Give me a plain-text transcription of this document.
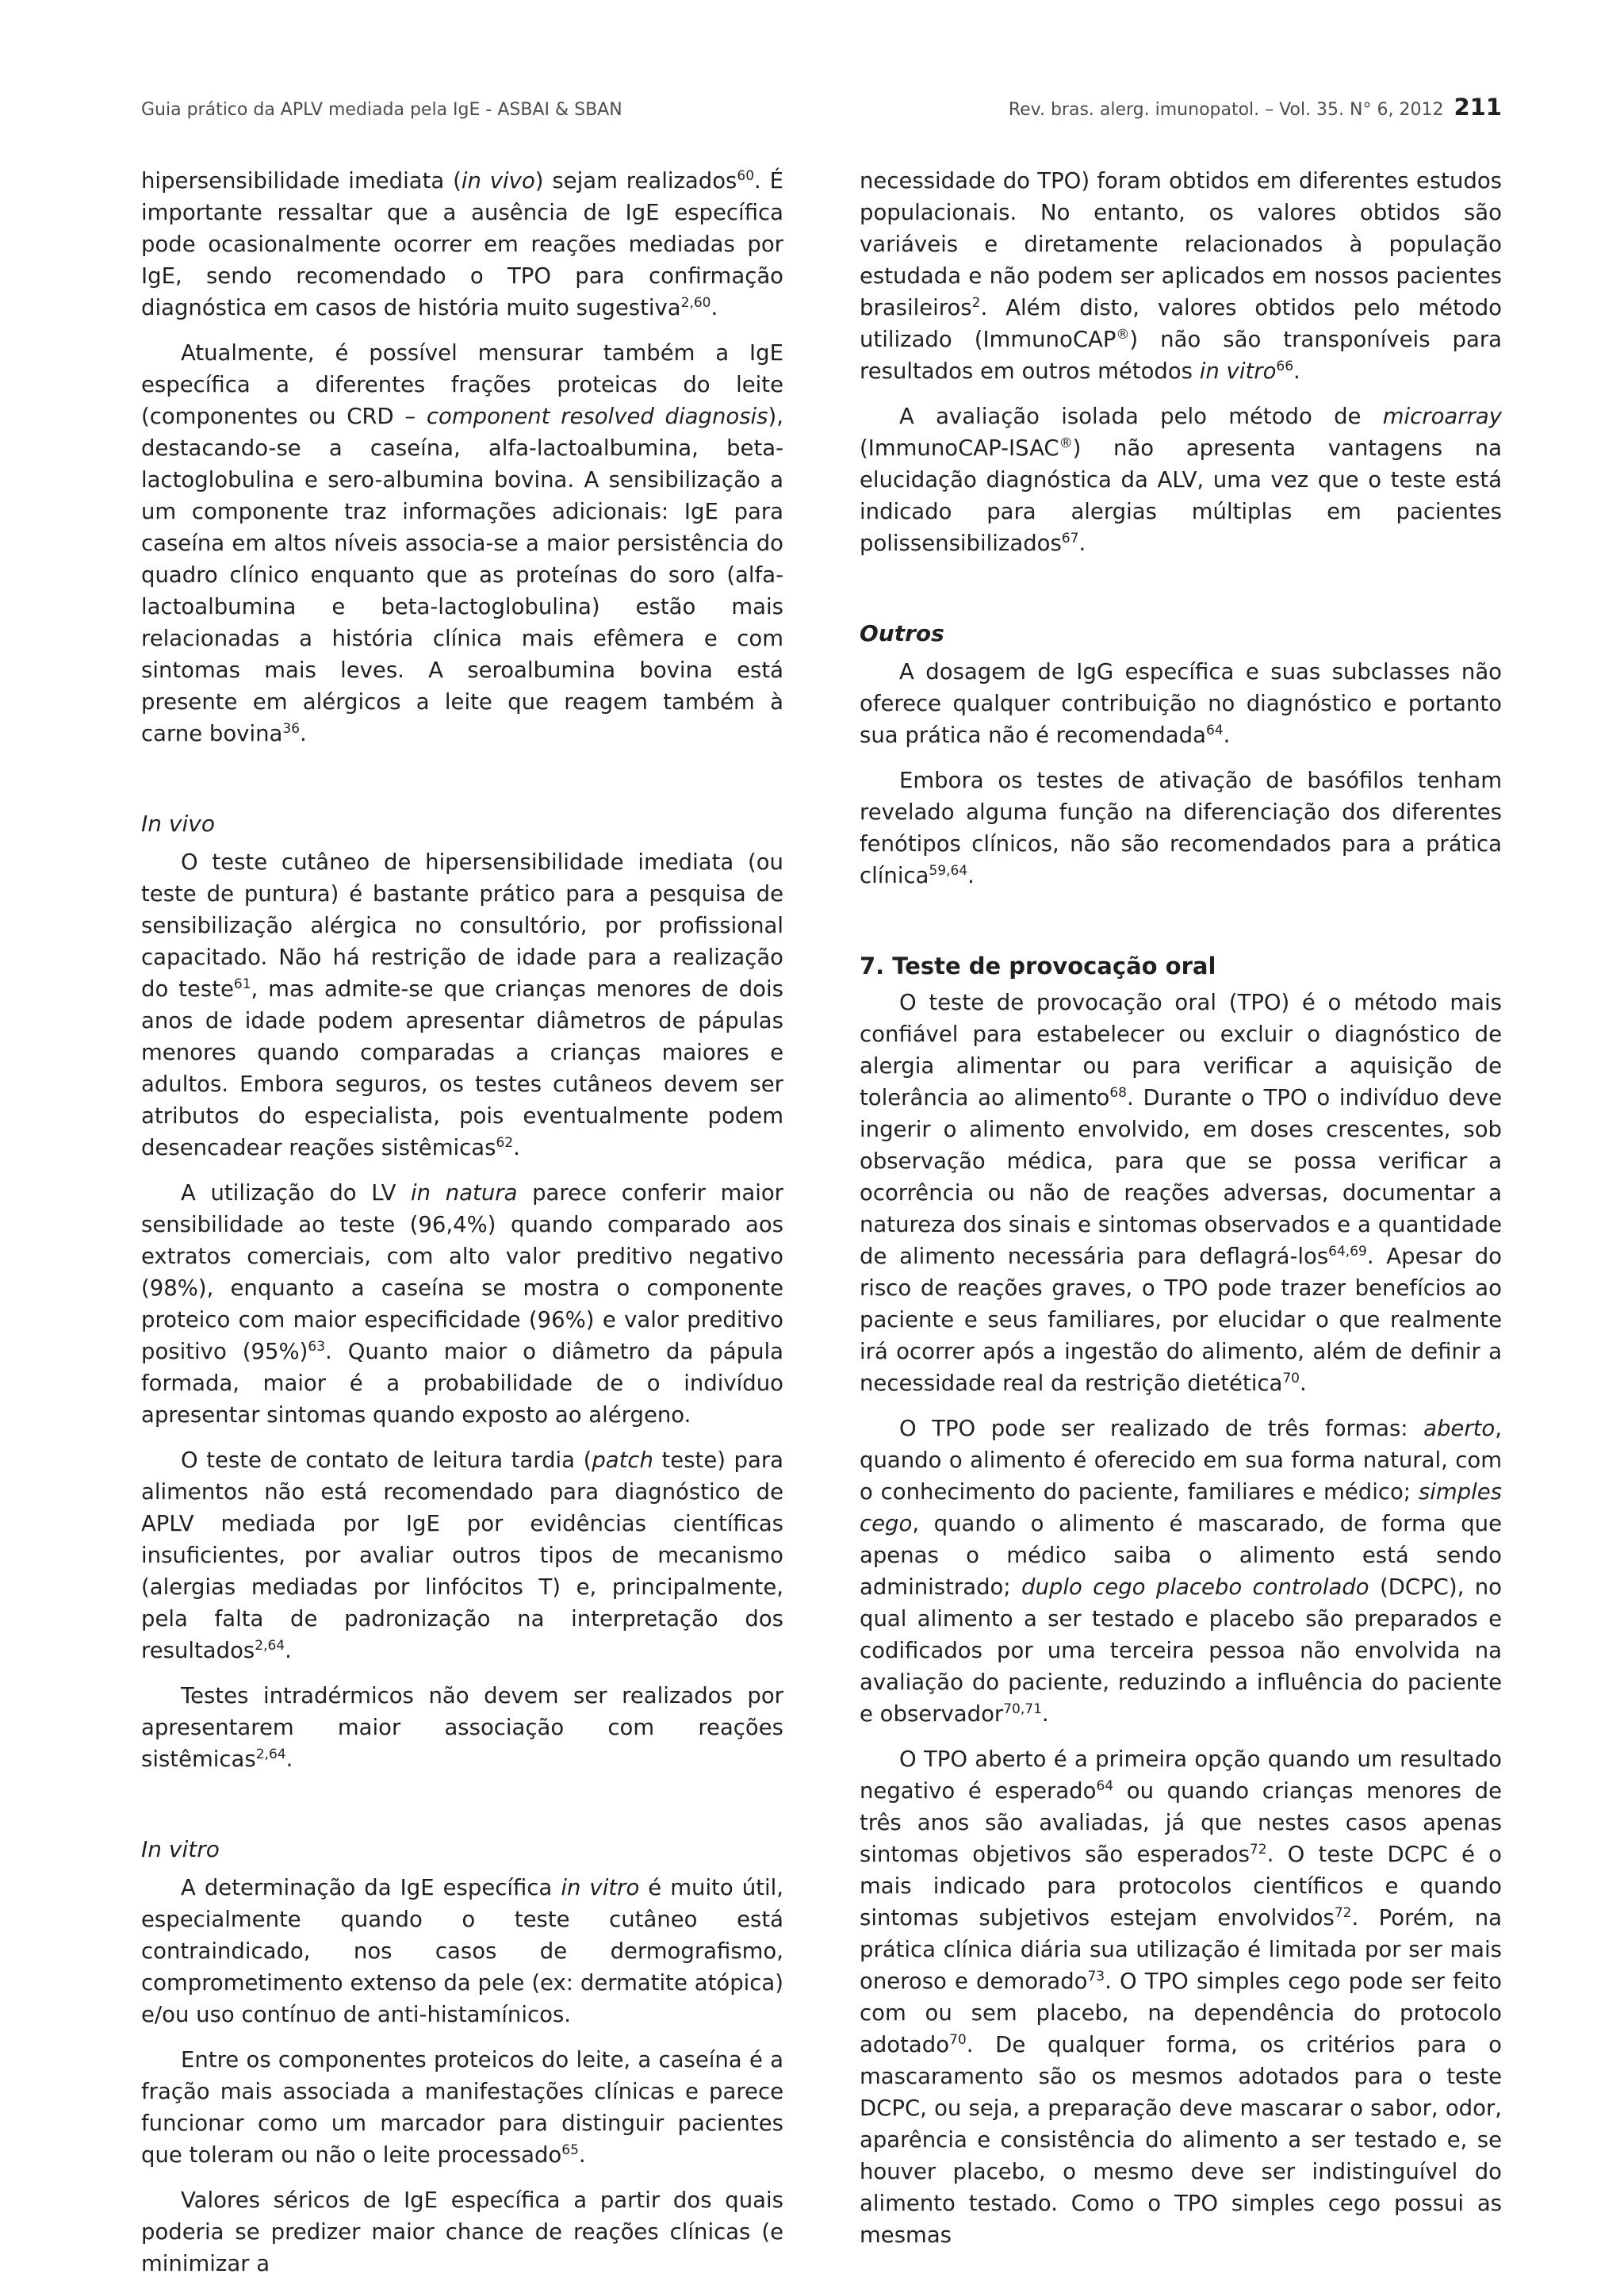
Guia prático da APLV mediada pela IgE - ASBAI & SBAN	Rev. bras. alerg. imunopatol. – Vol. 35. N° 6, 2012 211

hipersensibilidade imediata (in vivo) sejam realizados$^{60}$. É importante ressaltar que a ausência de IgE específica pode ocasionalmente ocorrer em reações mediadas por IgE, sendo recomendado o TPO para confirmação diagnóstica em casos de história muito sugestiva$^{2,60}$.

Atualmente, é possível mensurar também a IgE específica a diferentes frações proteicas do leite (componentes ou CRD – component resolved diagnosis), destacando-se a caseína, alfa-lactoalbumina, beta-lactoglobulina e sero-albumina bovina. A sensibilização a um componente traz informações adicionais: IgE para caseína em altos níveis associa-se a maior persistência do quadro clínico enquanto que as proteínas do soro (alfa-lactoalbumina e beta-lactoglobulina) estão mais relacionadas a história clínica mais efêmera e com sintomas mais leves. A seroalbumina bovina está presente em alérgicos a leite que reagem também à carne bovina$^{36}$.

In vivo

O teste cutâneo de hipersensibilidade imediata (ou teste de puntura) é bastante prático para a pesquisa de sensibilização alérgica no consultório, por profissional capacitado. Não há restrição de idade para a realização do teste$^{61}$, mas admite-se que crianças menores de dois anos de idade podem apresentar diâmetros de pápulas menores quando comparadas a crianças maiores e adultos. Embora seguros, os testes cutâneos devem ser atributos do especialista, pois eventualmente podem desencadear reações sistêmicas$^{62}$.

A utilização do LV in natura parece conferir maior sensibilidade ao teste (96,4%) quando comparado aos extratos comerciais, com alto valor preditivo negativo (98%), enquanto a caseína se mostra o componente proteico com maior especificidade (96%) e valor preditivo positivo $(95\%)^{63}$. Quanto maior o diâmetro da pápula formada, maior é a probabilidade de o indivíduo apresentar sintomas quando exposto ao alérgeno.

O teste de contato de leitura tardia (patch teste) para alimentos não está recomendado para diagnóstico de APLV mediada por IgE por evidências científicas insuficientes, por avaliar outros tipos de mecanismo (alergias mediadas por linfócitos T) e, principalmente, pela falta de padronização na interpretação dos resultados$^{2,64}$.

Testes intradérmicos não devem ser realizados por apresentarem maior associação com reações sistêmicas$^{2,64}$.

In vitro

A determinação da IgE específica in vitro é muito útil, especialmente quando o teste cutâneo está contraindicado, nos casos de dermografismo, comprometimento extenso da pele (ex: dermatite atópica) e/ou uso contínuo de anti-histamínicos.

Entre os componentes proteicos do leite, a caseína é a fração mais associada a manifestações clínicas e parece funcionar como um marcador para distinguir pacientes que toleram ou não o leite processado$^{65}$.

Valores séricos de IgE específica a partir dos quais poderia se predizer maior chance de reações clínicas (e minimizar a

necessidade do TPO) foram obtidos em diferentes estudos populacionais. No entanto, os valores obtidos são variáveis e diretamente relacionados à população estudada e não podem ser aplicados em nossos pacientes brasileiros$^2$. Além disto, valores obtidos pelo método utilizado (ImmunoCAP®) não são transponíveis para resultados em outros métodos in vitro$^{66}$.

A avaliação isolada pelo método de microarray (ImmunoCAP-ISAC®) não apresenta vantagens na elucidação diagnóstica da ALV, uma vez que o teste está indicado para alergias múltiplas em pacientes polissensibilizados$^{67}$.

Outros

A dosagem de IgG específica e suas subclasses não oferece qualquer contribuição no diagnóstico e portanto sua prática não é recomendada$^{64}$.

Embora os testes de ativação de basófilos tenham revelado alguma função na diferenciação dos diferentes fenótipos clínicos, não são recomendados para a prática clínica$^{59,64}$.

7. Teste de provocação oral

O teste de provocação oral (TPO) é o método mais confiável para estabelecer ou excluir o diagnóstico de alergia alimentar ou para verificar a aquisição de tolerância ao alimento$^{68}$. Durante o TPO o indivíduo deve ingerir o alimento envolvido, em doses crescentes, sob observação médica, para que se possa verificar a ocorrência ou não de reações adversas, documentar a natureza dos sinais e sintomas observados e a quantidade de alimento necessária para deflagrá-los$^{64,69}$. Apesar do risco de reações graves, o TPO pode trazer benefícios ao paciente e seus familiares, por elucidar o que realmente irá ocorrer após a ingestão do alimento, além de definir a necessidade real da restrição dietética$^{70}$.

O TPO pode ser realizado de três formas: aberto, quando o alimento é oferecido em sua forma natural, com o conhecimento do paciente, familiares e médico; simples cego, quando o alimento é mascarado, de forma que apenas o médico saiba o alimento está sendo administrado; duplo cego placebo controlado (DCPC), no qual alimento a ser testado e placebo são preparados e codificados por uma terceira pessoa não envolvida na avaliação do paciente, reduzindo a influência do paciente e observador$^{70,71}$.

O TPO aberto é a primeira opção quando um resultado negativo é esperado$^{64}$ ou quando crianças menores de três anos são avaliadas, já que nestes casos apenas sintomas objetivos são esperados$^{72}$. O teste DCPC é o mais indicado para protocolos científicos e quando sintomas subjetivos estejam envolvidos$^{72}$. Porém, na prática clínica diária sua utilização é limitada por ser mais oneroso e demorado$^{73}$. O TPO simples cego pode ser feito com ou sem placebo, na dependência do protocolo adotado$^{70}$. De qualquer forma, os critérios para o mascaramento são os mesmos adotados para o teste DCPC, ou seja, a preparação deve mascarar o sabor, odor, aparência e consistência do alimento a ser testado e, se houver placebo, o mesmo deve ser indistinguível do alimento testado. Como o TPO simples cego possui as mesmas
